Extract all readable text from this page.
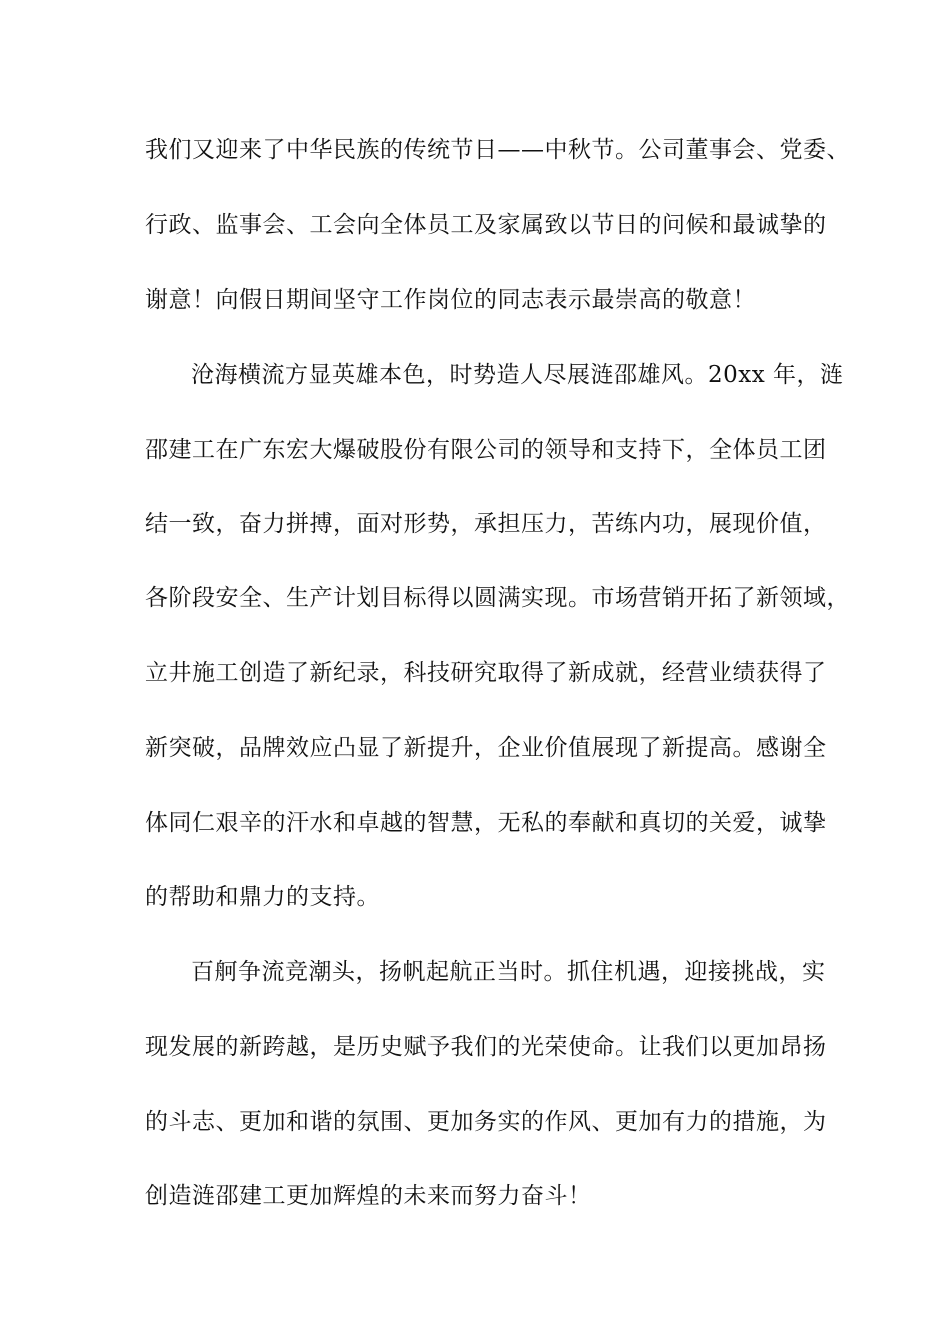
我们又迎来了中华民族的传统节日——中秋节。公司董事会、党委、
行政、监事会、工会向全体员工及家属致以节日的问候和最诚挚的
谢意！向假日期间坚守工作岗位的同志表示最崇高的敬意！
沧海横流方显英雄本色，时势造人尽展涟邵雄风。20xx 年，涟
邵建工在广东宏大爆破股份有限公司的领导和支持下，全体员工团
结一致，奋力拼搏，面对形势，承担压力，苦练内功，展现价值，
各阶段安全、生产计划目标得以圆满实现。市场营销开拓了新领域，
立井施工创造了新纪录，科技研究取得了新成就，经营业绩获得了
新突破，品牌效应凸显了新提升，企业价值展现了新提高。感谢全
体同仁艰辛的汗水和卓越的智慧，无私的奉献和真切的关爱，诚挚
的帮助和鼎力的支持。
百舸争流竞潮头，扬帆起航正当时。抓住机遇，迎接挑战，实
现发展的新跨越，是历史赋予我们的光荣使命。让我们以更加昂扬
的斗志、更加和谐的氛围、更加务实的作风、更加有力的措施，为
创造涟邵建工更加辉煌的未来而努力奋斗！
